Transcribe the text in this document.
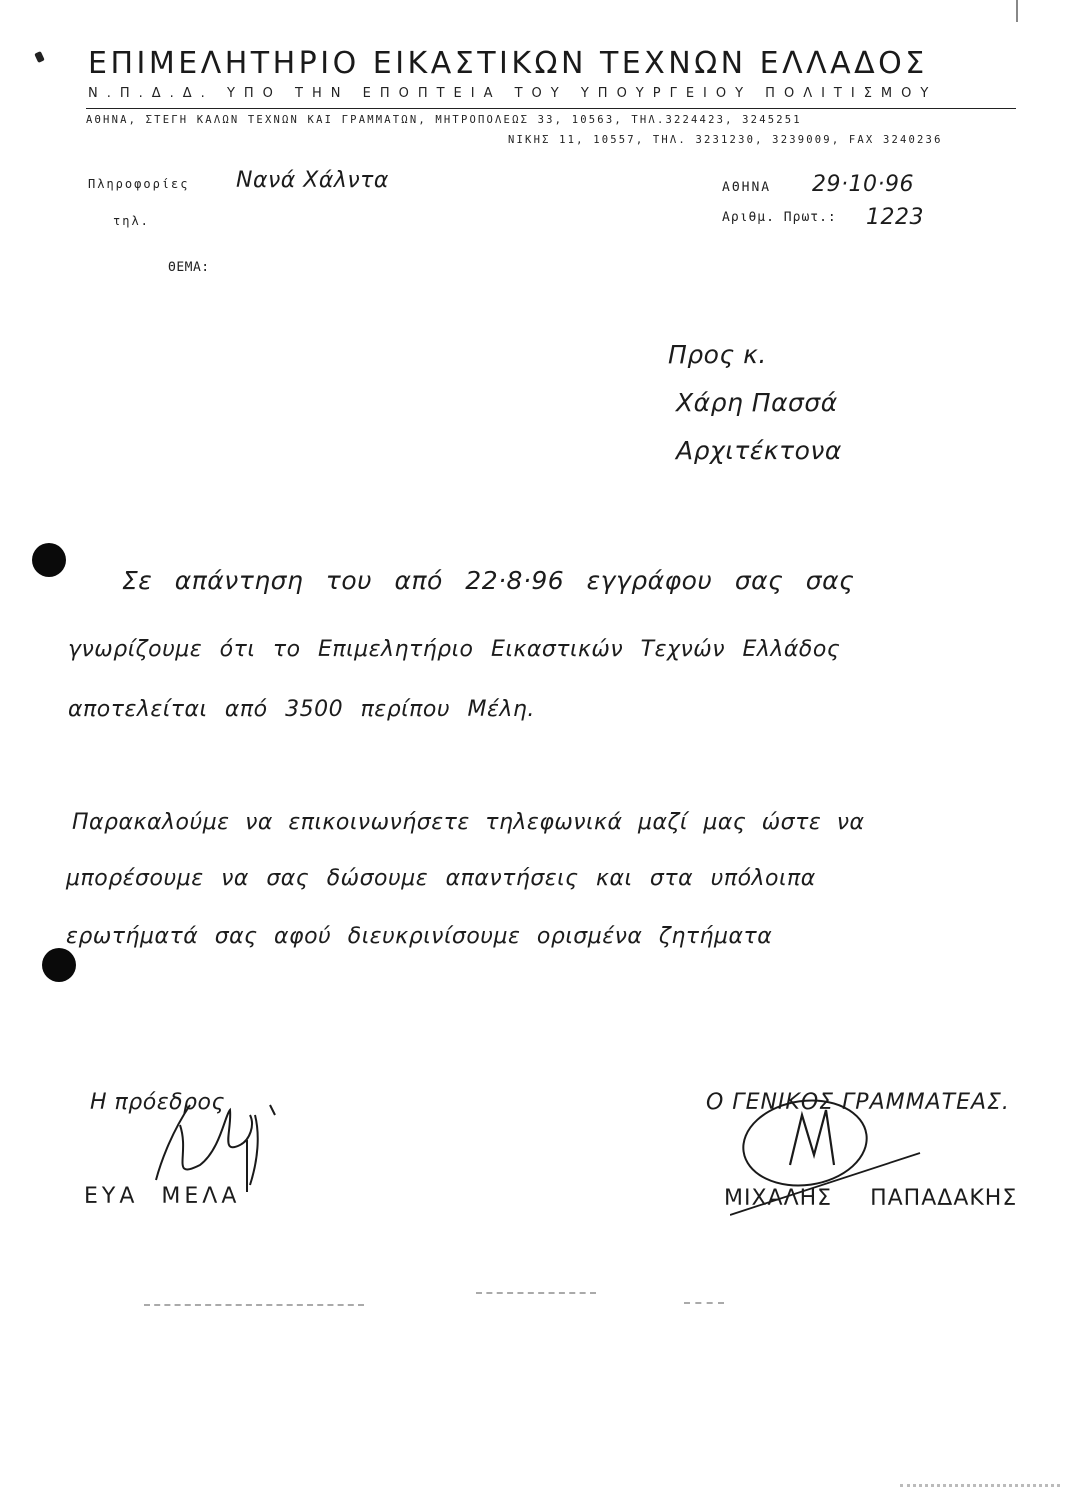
ΕΠΙΜΕΛΗΤΗΡΙΟ ΕΙΚΑΣΤΙΚΩΝ ΤΕΧΝΩΝ ΕΛΛΑΔΟΣ
Ν.Π.Δ.Δ. ΥΠΟ ΤΗΝ ΕΠΟΠΤΕΙΑ ΤΟΥ ΥΠΟΥΡΓΕΙΟΥ ΠΟΛΙΤΙΣΜΟΥ
ΑΘΗΝΑ, ΣΤΕΓΗ ΚΑΛΩΝ ΤΕΧΝΩΝ ΚΑΙ ΓΡΑΜΜΑΤΩΝ, ΜΗΤΡΟΠΟΛΕΩΣ 33, 10563, ΤΗΛ.3224423, 3245251
ΝΙΚΗΣ 11, 10557, ΤΗΛ. 3231230, 3239009, FAX 3240236
Πληροφορίες Νανά Χάλντα
τηλ.
ΑΘΗΝΑ 29·10·96
Αριθμ. Πρωτ.: 1223
ΘΕΜΑ:
Προς κ.
Χάρη Πασσά
Αρχιτέκτονα
Σε απάντηση του από 22·8·96 εγγράφου σας σας
γνωρίζουμε ότι το Επιμελητήριο Εικαστικών Τεχνών Ελλάδος
αποτελείται από 3500 περίπου Μέλη.
Παρακαλούμε να επικοινωνήσετε τηλεφωνικά μαζί μας ώστε να
μπορέσουμε να σας δώσουμε απαντήσεις και στα υπόλοιπα
ερωτήματά σας αφού διευκρινίσουμε ορισμένα ζητήματα
Η πρόεδρος
ΕΥΑ ΜΕΛΑ
Ο ΓΕΝΙΚΟΣ ΓΡΑΜΜΑΤΕΑΣ.
ΜΙΧΑΛΗΣ ΠΑΠΑΔΑΚΗΣ
